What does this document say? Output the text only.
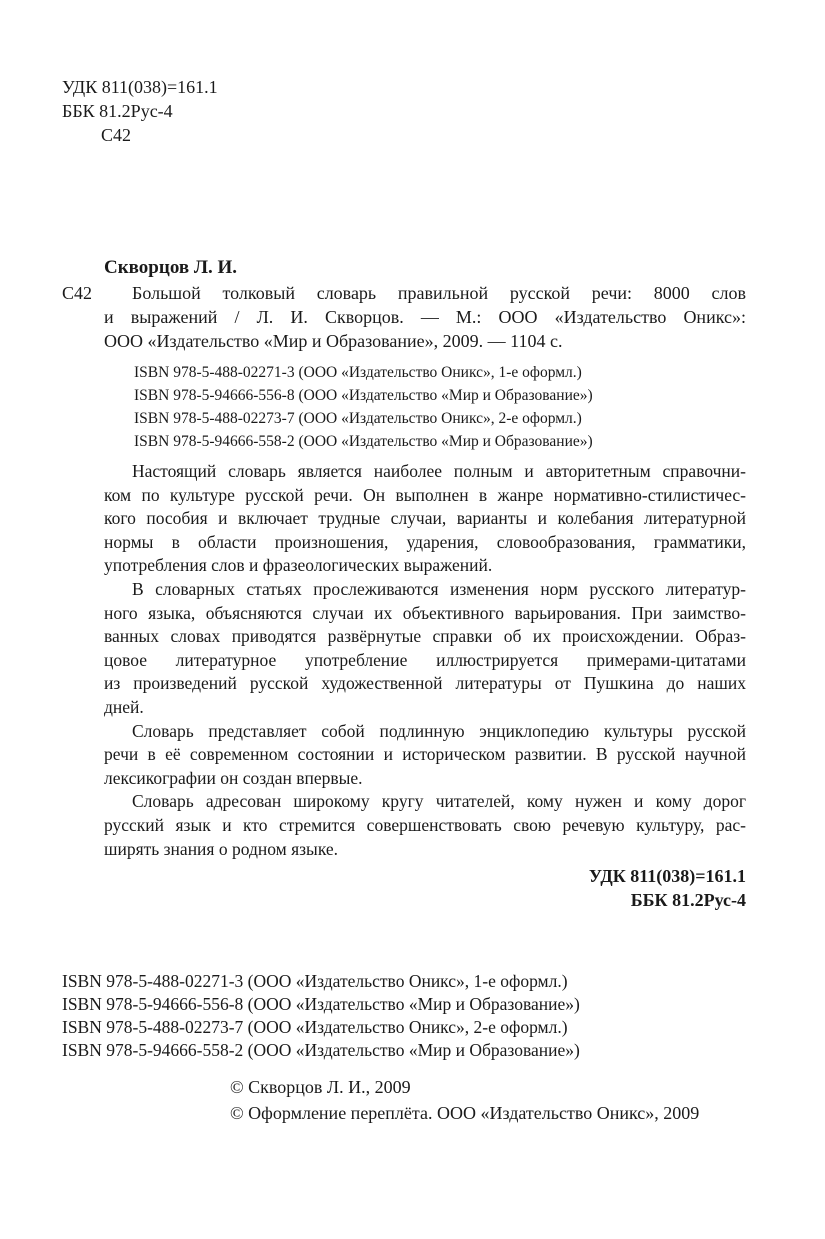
УДК 811(038)=161.1
ББК 81.2Рус-4
С42
Скворцов Л. И.
С42	Большой толковый словарь правильной русской речи: 8000 слов
и выражений / Л. И. Скворцов. — М.: ООО «Издательство Оникс»:
ООО «Издательство «Мир и Образование», 2009. — 1104 с.
ISBN 978-5-488-02271-3 (ООО «Издательство Оникс», 1-е оформл.)
ISBN 978-5-94666-556-8 (ООО «Издательство «Мир и Образование»)
ISBN 978-5-488-02273-7 (ООО «Издательство Оникс», 2-е оформл.)
ISBN 978-5-94666-558-2 (ООО «Издательство «Мир и Образование»)
Настоящий словарь является наиболее полным и авторитетным справочни-
ком по культуре русской речи. Он выполнен в жанре нормативно-стилистичес-
кого пособия и включает трудные случаи, варианты и колебания литературной
нормы в области произношения, ударения, словообразования, грамматики,
употребления слов и фразеологических выражений.
В словарных статьях прослеживаются изменения норм русского литератур-
ного языка, объясняются случаи их объективного варьирования. При заимство-
ванных словах приводятся развёрнутые справки об их происхождении. Образ-
цовое литературное употребление иллюстрируется примерами-цитатами
из произведений русской художественной литературы от Пушкина до наших
дней.
Словарь представляет собой подлинную энциклопедию культуры русской
речи в её современном состоянии и историческом развитии. В русской научной
лексикографии он создан впервые.
Словарь адресован широкому кругу читателей, кому нужен и кому дорог
русский язык и кто стремится совершенствовать свою речевую культуру, рас-
ширять знания о родном языке.
УДК 811(038)=161.1
ББК 81.2Рус-4
ISBN 978-5-488-02271-3 (ООО «Издательство Оникс», 1-е оформл.)
ISBN 978-5-94666-556-8 (ООО «Издательство «Мир и Образование»)
ISBN 978-5-488-02273-7 (ООО «Издательство Оникс», 2-е оформл.)
ISBN 978-5-94666-558-2 (ООО «Издательство «Мир и Образование»)
© Скворцов Л. И., 2009
© Оформление переплёта. ООО «Издательство Оникс», 2009
